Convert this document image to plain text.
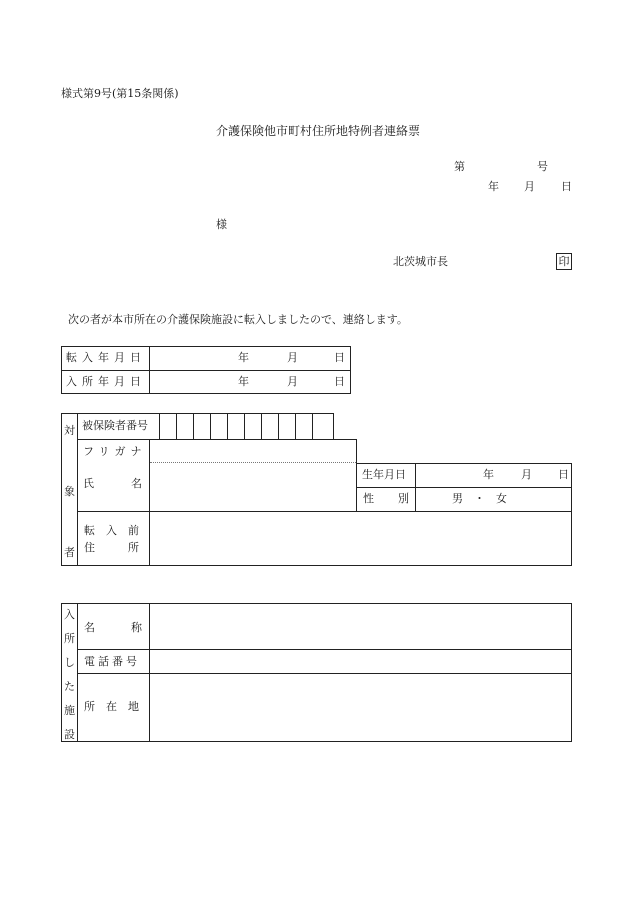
様式第9号(第15条関係)
介護保険他市町村住所地特例者連絡票
第	号
年 月 日
様
北茨城市長	印
次の者が本市所在の介護保険施設に転入しましたので、連絡します。
転入年月日	年	月	日
入所年月日	年	月	日
対
象
者
被保険者番号
フリガナ
氏	名
生年月日	年 月 日
性 別	男　・　女
転　入　前
住　　　所
入
所
し
た
施
設
名	称
電話番号
所　在　地
